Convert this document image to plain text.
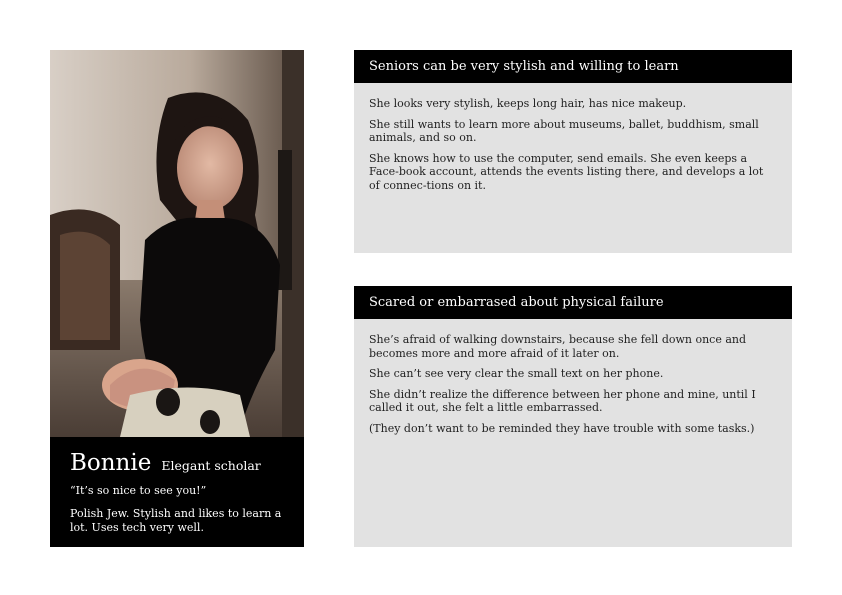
Bonnie Elegant scholar
“It’s so nice to see you!”
Polish Jew. Stylish and likes to learn a lot. Uses tech very well.
Seniors can be very stylish and willing to learn

She looks very stylish, keeps long hair, has nice makeup.

She still wants to learn more about museums, ballet, buddhism, small animals, and so on.

She knows how to use the computer, send emails. She even keeps a Face-book account, attends the events listing there, and develops a lot of connec-tions on it.

Scared or embarrased about physical failure

She’s afraid of walking downstairs, because she fell down once and becomes more and more afraid of it later on.

She can’t see very clear the small text on her phone.

She didn’t realize the difference between her phone and mine, until I called it out, she felt a little embarrassed.

(They don’t want to be reminded they have trouble with some tasks.)
